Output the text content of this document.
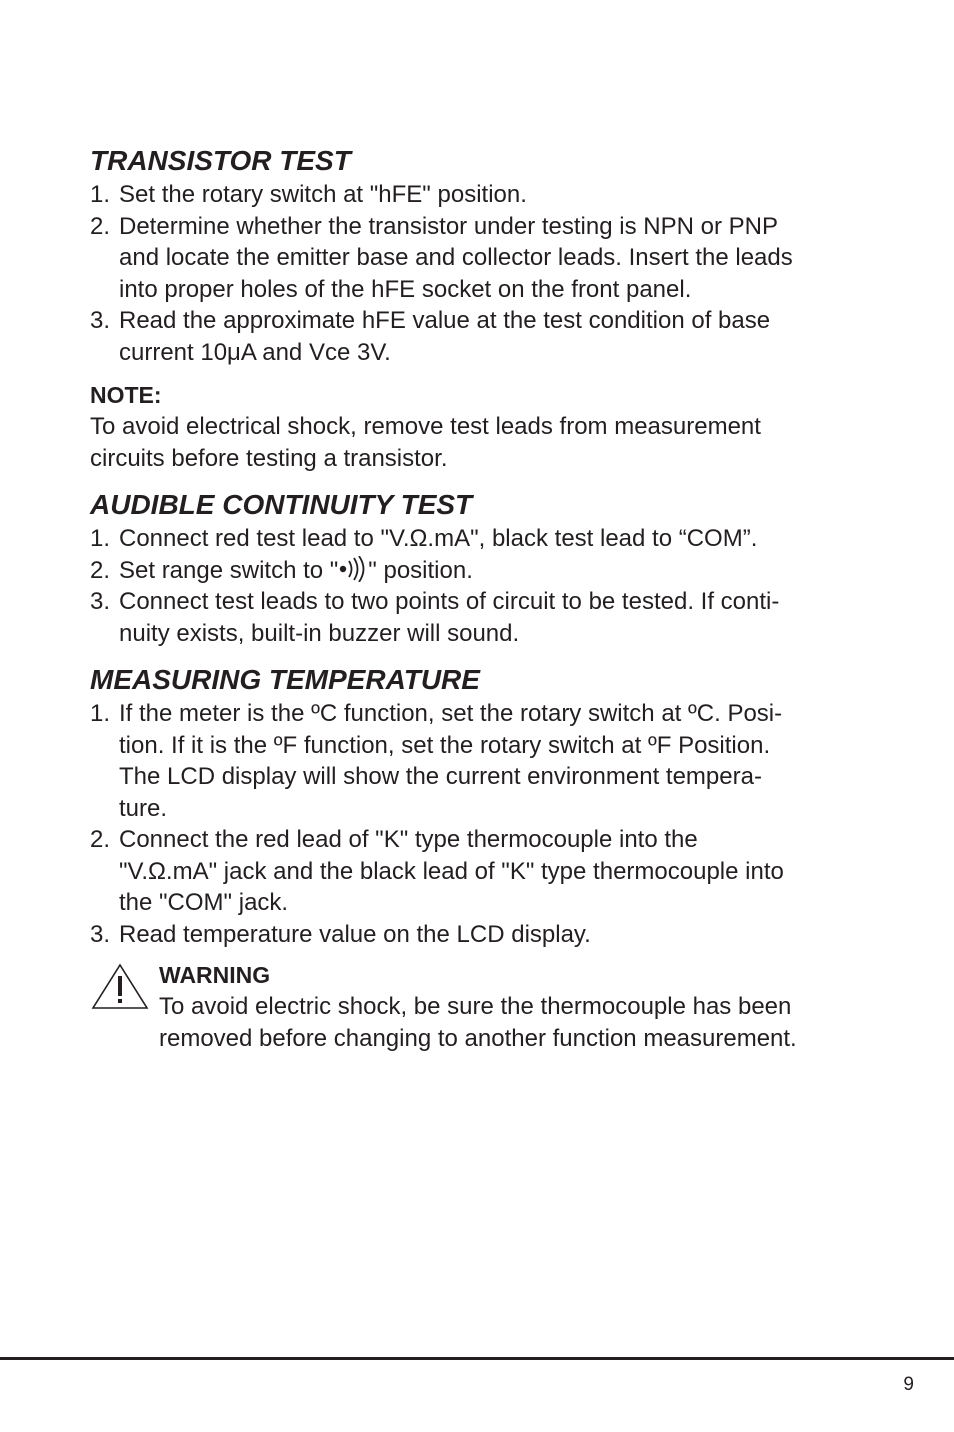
TRANSISTOR TEST
1. Set the rotary switch at "hFE" position.
2. Determine whether the transistor under testing is NPN or PNP
and locate the emitter base and collector leads. Insert the leads
into proper holes of the hFE socket on the front panel.
3. Read the approximate hFE value at the test condition of base
current 10μA and Vce 3V.
NOTE:
To avoid electrical shock, remove test leads from measurement
circuits before testing a transistor.
AUDIBLE CONTINUITY TEST
1. Connect red test lead to "V.Ω.mA", black test lead to “COM”.
2. Set range switch to " " position.
3. Connect test leads to two points of circuit to be tested. If conti-
nuity exists, built-in buzzer will sound.
MEASURING TEMPERATURE
1. If the meter is the ºC function, set the rotary switch at ºC. Posi-
tion. If it is the ºF function, set the rotary switch at ºF Position.
The LCD display will show the current environment tempera-
ture.
2. Connect the red lead of "K" type thermocouple into the
"V.Ω.mA" jack and the black lead of "K" type thermocouple into
the "COM" jack.
3. Read temperature value on the LCD display.
WARNING
To avoid electric shock, be sure the thermocouple has been
removed before changing to another function measurement.
9
